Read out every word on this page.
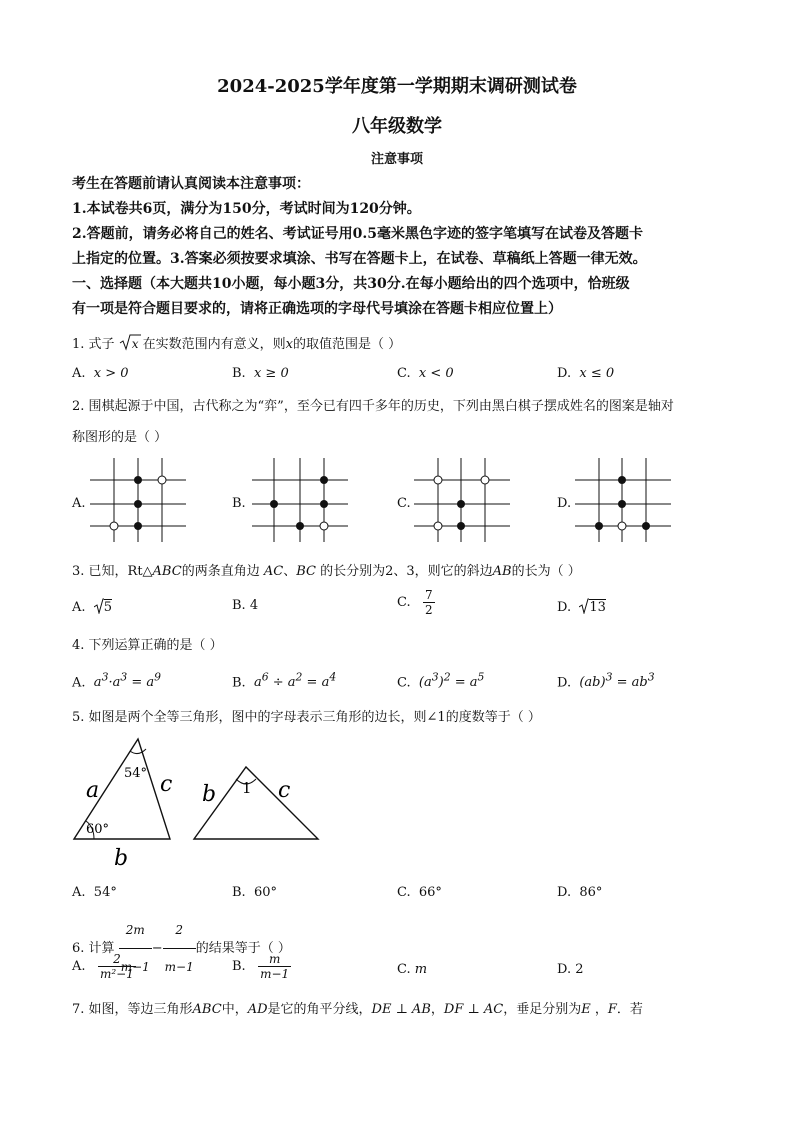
2024-2025学年度第一学期期末调研测试卷
八年级数学
注意事项
考生在答题前请认真阅读本注意事项：
1.本试卷共6页，满分为150分，考试时间为120分钟。
2.答题前，请务必将自己的姓名、考试证号用0.5毫米黑色字迹的签字笔填写在试卷及答题卡
上指定的位置。3.答案必须按要求填涂、书写在答题卡上，在试卷、草稿纸上答题一律无效。
一、选择题（本大题共10小题，每小题3分，共30分.在每小题给出的四个选项中，恰班级
有一项是符合题目要求的，请将正确选项的字母代号填涂在答题卡相应位置上）
1. 式子 x 在实数范围内有意义，则x的取值范围是（ ）
A. x > 0	B. x ≥ 0	C. x < 0	D. x ≤ 0
2. 围棋起源于中国，古代称之为“弈”，至今已有四千多年的历史，下列由黑白棋子摆成姓名的图案是轴对
称图形的是（ ）
A.	B.	C.	D.
3. 已知，Rt△ABC的两条直角边 AC、BC 的长分别为2、3，则它的斜边AB的长为（ ）
A. 5	B. 4	C. $\frac{7}{2}$	D. 13
4. 下列运算正确的是（ ）
A. $a^3\cdot a^3 = a^9$	B. $a^6 \div a^2 = a^4$	C. $(a^3)^2 = a^5$	D. $(ab)^3 = ab^3$
5. 如图是两个全等三角形，图中的字母表示三角形的边长，则∠1的度数等于（ ）
a
54° c
60°
b
b 1 c
A. 54°	B. 60°	C. 66°	D. 86°
6. 计算 $\frac{2m}{m-1} - \frac{2}{m-1}$ 的结果等于（ ）
A. $\frac{2}{\text{m²−1}}$	B. $\frac{m}{m-1}$	C. m	D. 2
7. 如图，等边三角形ABC中，AD是它的角平分线，DE ⊥ AB，DF ⊥ AC，垂足分别为E ，F．若
